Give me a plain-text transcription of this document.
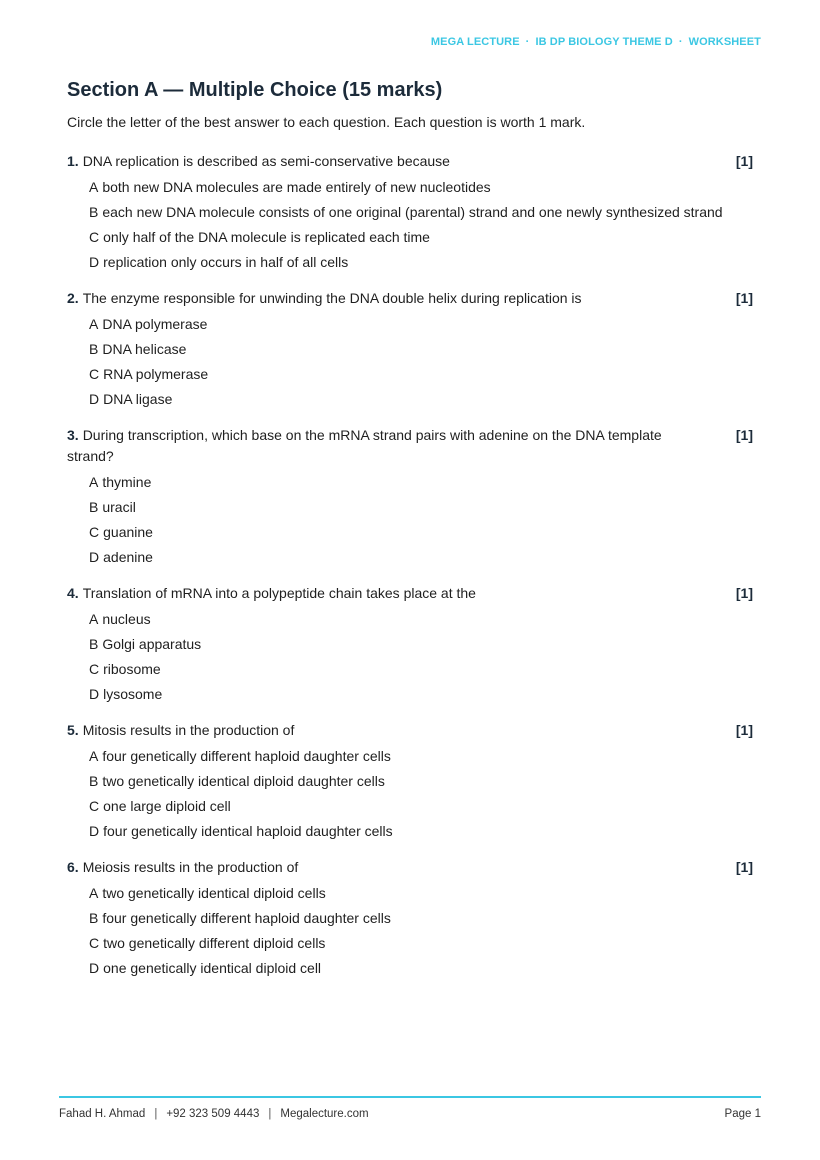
MEGA LECTURE · IB DP BIOLOGY THEME D · WORKSHEET
Section A — Multiple Choice (15 marks)
Circle the letter of the best answer to each question. Each question is worth 1 mark.
1. DNA replication is described as semi-conservative because	[1]
A both new DNA molecules are made entirely of new nucleotides
B each new DNA molecule consists of one original (parental) strand and one newly synthesized strand
C only half of the DNA molecule is replicated each time
D replication only occurs in half of all cells
2. The enzyme responsible for unwinding the DNA double helix during replication is	[1]
A DNA polymerase
B DNA helicase
C RNA polymerase
D DNA ligase
3. During transcription, which base on the mRNA strand pairs with adenine on the DNA template strand?
[1]
A thymine
B uracil
C guanine
D adenine
4. Translation of mRNA into a polypeptide chain takes place at the	[1]
A nucleus
B Golgi apparatus
C ribosome
D lysosome
5. Mitosis results in the production of	[1]
A four genetically different haploid daughter cells
B two genetically identical diploid daughter cells
C one large diploid cell
D four genetically identical haploid daughter cells
6. Meiosis results in the production of	[1]
A two genetically identical diploid cells
B four genetically different haploid daughter cells
C two genetically different diploid cells
D one genetically identical diploid cell
Fahad H. Ahmad | +92 323 509 4443 | Megalecture.com	Page 1
